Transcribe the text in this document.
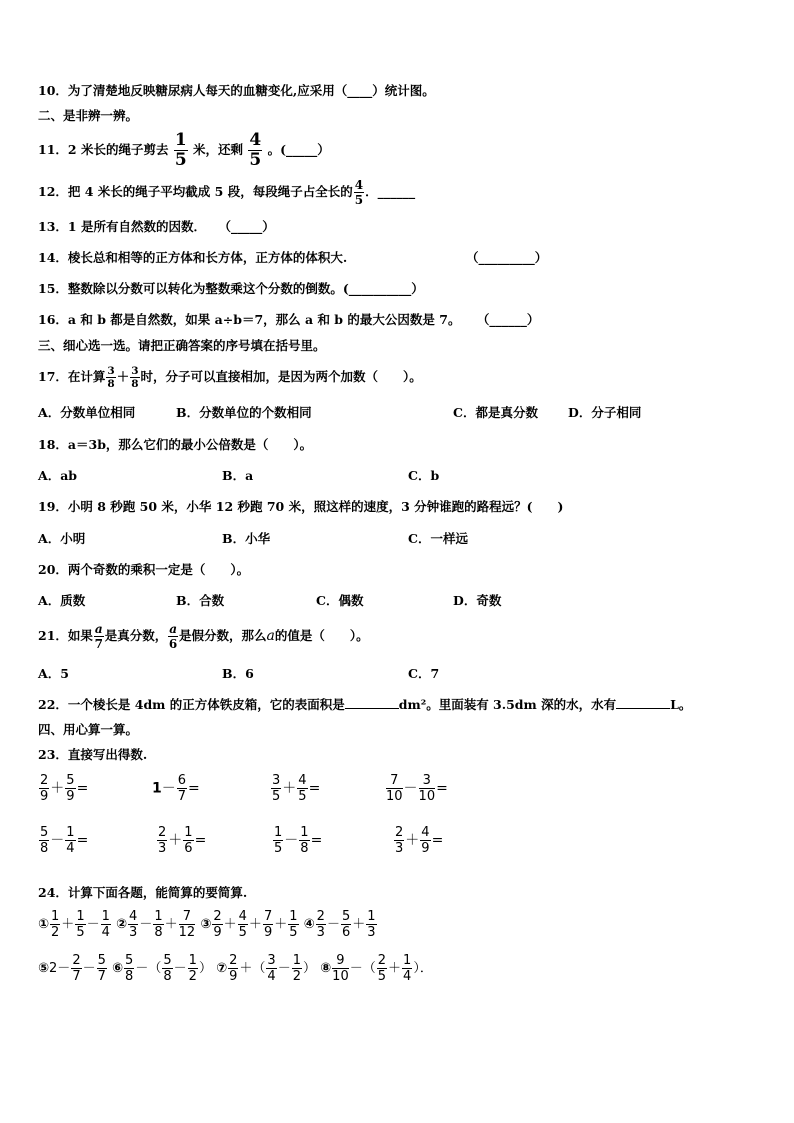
10．为了清楚地反映糖尿病人每天的血糖变化,应采用（____）统计图。
二、是非辨一辨。
11．2 米长的绳子剪去 $\frac{1}{5}$ 米，还剩 $\frac{4}{5}$ 。(_____）
12．把 4 米长的绳子平均截成 5 段，每段绳子占全长的 $\frac{4}{5}$ ．______
13．1 是所有自然数的因数．　　（_____）
14．棱长总和相等的正方体和长方体，正方体的体积大.	（_________）
15．整数除以分数可以转化为整数乘这个分数的倒数。(__________）
16．a 和 b 都是自然数，如果 a÷b＝7，那么 a 和 b 的最大公因数是 7。 （______）
三、细心选一选。请把正确答案的序号填在括号里。
17．在计算 $\frac{3}{8} + \frac{3}{8}$ 时，分子可以直接相加，是因为两个加数（　　）。
A．分数单位相同	B．分数单位的个数相同	C．都是真分数 D．分子相同
18．a＝3b，那么它们的最小公倍数是（　　）。
A．ab	B．a	C．b
19．小明 8 秒跑 50 米，小华 12 秒跑 70 米，照这样的速度，3 分钟谁跑的路程远？(　　)
A．小明	B．小华	C．一样远
20．两个奇数的乘积一定是（　　）。
A．质数	B．合数	C．偶数	D．奇数
21．如果 $\frac{a}{7}$ 是真分数， $\frac{a}{6}$ 是假分数，那么a的值是（　　）。
A．5	B．6	C．7
22．一个棱长是 4dm 的正方体铁皮箱，它的表面积是	dm²。里面装有 3.5dm 深的水，水有	L。
四、用心算一算。
23．直接写出得数.
$\frac{2}{9} + \frac{5}{9}$ =	$1- \frac{6}{7}$ =	$\frac{3}{5} + \frac{4}{5}$ =	$\frac{7}{10} - \frac{3}{10}$ =
$\frac{5}{8} - \frac{1}{4}$ =	$\frac{2}{3} + \frac{1}{6}$ =	$\frac{1}{5} - \frac{1}{8}$ =	$\frac{2}{3} + \frac{4}{9}$ =
24．计算下面各题，能简算的要简算.
① $\frac{1}{2} + \frac{1}{5} - \frac{1}{4}$ ② $\frac{4}{3} - \frac{1}{8} + \frac{7}{12}$ ③ $\frac{2}{9} + \frac{4}{5} + \frac{7}{9} + \frac{1}{5}$ ④ $\frac{2}{3} - \frac{5}{6} + \frac{1}{3}$
⑤2－ $\frac{2}{7} - \frac{5}{7}$ ⑥ $\frac{5}{8}$ －（ $\frac{5}{8} - \frac{1}{2}$ ） ⑦ $\frac{2}{9}$ ＋（ $\frac{3}{4} - \frac{1}{2}$ ） ⑧ $\frac{9}{10}$ －（ $\frac{2}{5} + \frac{1}{4}$ ）．
